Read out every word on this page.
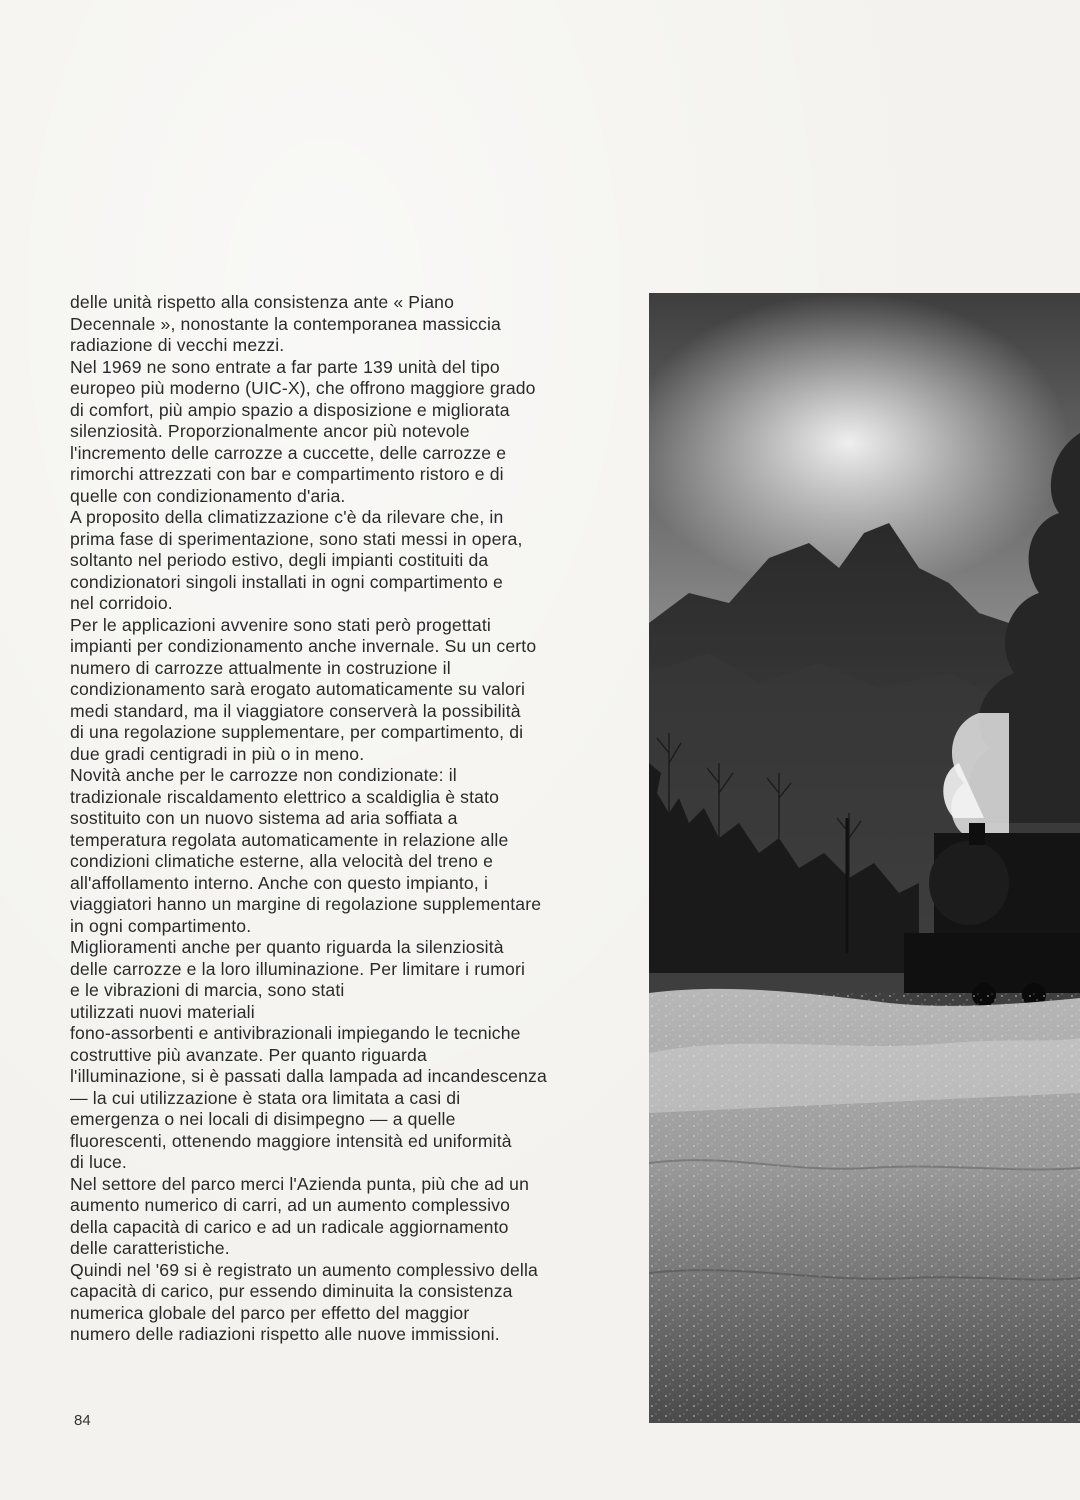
delle unità rispetto alla consistenza ante « Piano

Decennale », nonostante la contemporanea massiccia

radiazione di vecchi mezzi.

Nel 1969 ne sono entrate a far parte 139 unità del tipo

europeo più moderno (UIC-X), che offrono maggiore grado

di comfort, più ampio spazio a disposizione e migliorata

silenziosità. Proporzionalmente ancor più notevole

l'incremento delle carrozze a cuccette, delle carrozze e

rimorchi attrezzati con bar e compartimento ristoro e di

quelle con condizionamento d'aria.

A proposito della climatizzazione c'è da rilevare che, in

prima fase di sperimentazione, sono stati messi in opera,

soltanto nel periodo estivo, degli impianti costituiti da

condizionatori singoli installati in ogni compartimento e

nel corridoio.

Per le applicazioni avvenire sono stati però progettati

impianti per condizionamento anche invernale. Su un certo

numero di carrozze attualmente in costruzione il

condizionamento sarà erogato automaticamente su valori

medi standard, ma il viaggiatore conserverà la possibilità

di una regolazione supplementare, per compartimento, di

due gradi centigradi in più o in meno.

Novità anche per le carrozze non condizionate: il

tradizionale riscaldamento elettrico a scaldiglia è stato

sostituito con un nuovo sistema ad aria soffiata a

temperatura regolata automaticamente in relazione alle

condizioni climatiche esterne, alla velocità del treno e

all'affollamento interno. Anche con questo impianto, i

viaggiatori hanno un margine di regolazione supplementare

in ogni compartimento.

Miglioramenti anche per quanto riguarda la silenziosità

delle carrozze e la loro illuminazione. Per limitare i rumori

e le vibrazioni di marcia, sono stati

utilizzati nuovi materiali

fono-assorbenti e antivibrazionali impiegando le tecniche

costruttive più avanzate. Per quanto riguarda

l'illuminazione, si è passati dalla lampada ad incandescenza

— la cui utilizzazione è stata ora limitata a casi di

emergenza o nei locali di disimpegno — a quelle

fluorescenti, ottenendo maggiore intensità ed uniformità

di luce.

Nel settore del parco merci l'Azienda punta, più che ad un

aumento numerico di carri, ad un aumento complessivo

della capacità di carico e ad un radicale aggiornamento

delle caratteristiche.

Quindi nel '69 si è registrato un aumento complessivo della

capacità di carico, pur essendo diminuita la consistenza

numerica globale del parco per effetto del maggior

numero delle radiazioni rispetto alle nuove immissioni.

84
